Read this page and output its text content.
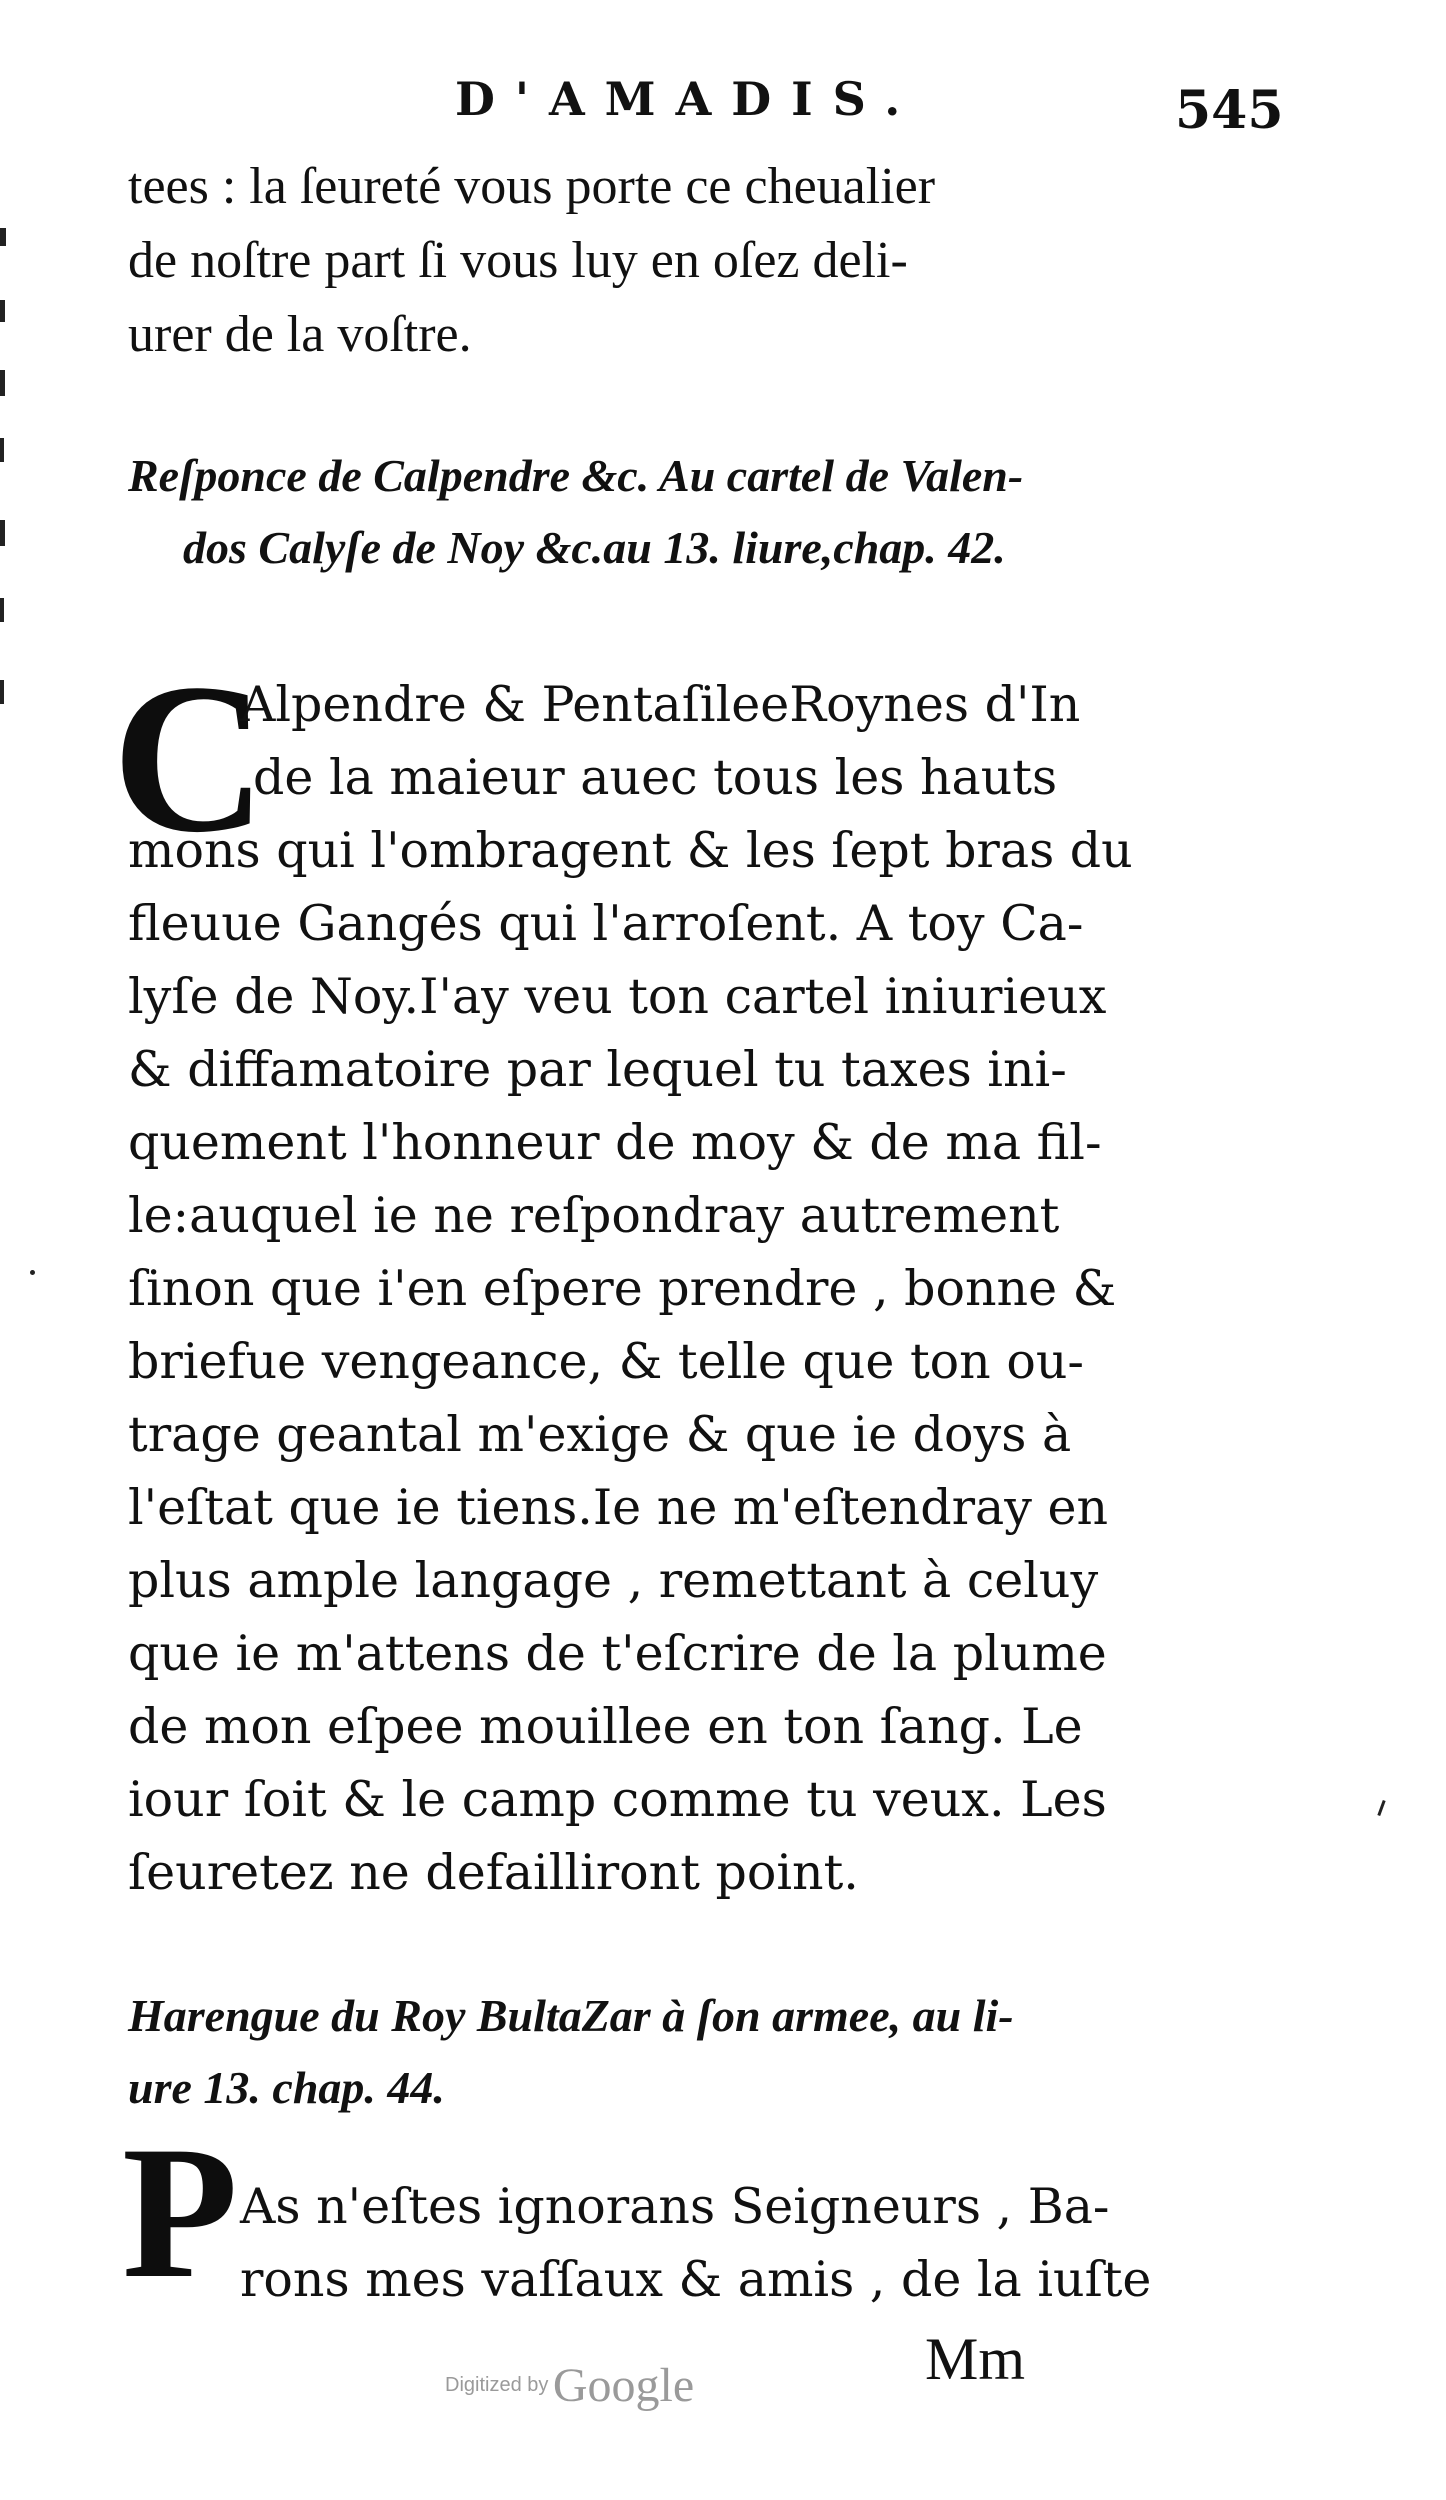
D'AMADIS.	545
tees : la ſeureté vous porte ce cheualier
de noſtre part ſi vous luy en oſez deli-
urer de la voſtre.
Reſponce de Calpendre &c. Au cartel de Valen-
dos Calyſe de Noy &c.au 13. liure,chap. 42.
C
Alpendre & PentaſileeRoynes d'In
de la maieur auec tous les hauts
mons qui l'ombragent & les ſept bras du
fleuue Gangés qui l'arroſent. A toy Ca-
lyſe de Noy.I'ay veu ton cartel iniurieux
& diffamatoire par lequel tu taxes ini-
quement l'honneur de moy & de ma fil-
le:auquel ie ne reſpondray autrement
ſinon que i'en eſpere prendre , bonne &
briefue vengeance, & telle que ton ou-
trage geantal m'exige & que ie doys à
l'eſtat que ie tiens.Ie ne m'eſtendray en
plus ample langage , remettant à celuy
que ie m'attens de t'eſcrire de la plume
de mon eſpee mouillee en ton ſang. Le
iour ſoit & le camp comme tu veux. Les
ſeuretez ne defailliront point.
Harengue du Roy BultaZar à ſon armee, au li-
ure 13. chap. 44.
P As n'eſtes ignorans Seigneurs , Ba-
rons mes vaſſaux & amis , de la iuſte
Mm
Digitized by Google
